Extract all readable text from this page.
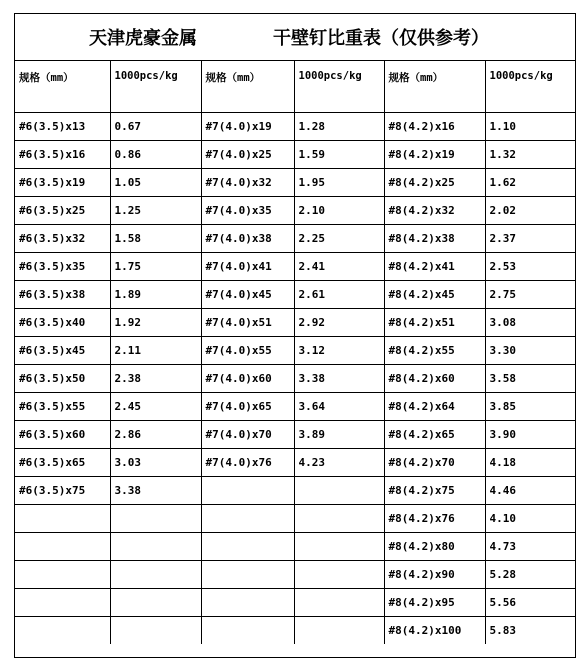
天津虎豪金属	干壁钉比重表（仅供参考）
规格（mm）	1000pcs/kg	规格（mm）	1000pcs/kg	规格（mm）	1000pcs/kg
#6(3.5)x13	0.67	#7(4.0)x19	1.28	#8(4.2)x16	1.10
#6(3.5)x16	0.86	#7(4.0)x25	1.59	#8(4.2)x19	1.32
#6(3.5)x19	1.05	#7(4.0)x32	1.95	#8(4.2)x25	1.62
#6(3.5)x25	1.25	#7(4.0)x35	2.10	#8(4.2)x32	2.02
#6(3.5)x32	1.58	#7(4.0)x38	2.25	#8(4.2)x38	2.37
#6(3.5)x35	1.75	#7(4.0)x41	2.41	#8(4.2)x41	2.53
#6(3.5)x38	1.89	#7(4.0)x45	2.61	#8(4.2)x45	2.75
#6(3.5)x40	1.92	#7(4.0)x51	2.92	#8(4.2)x51	3.08
#6(3.5)x45	2.11	#7(4.0)x55	3.12	#8(4.2)x55	3.30
#6(3.5)x50	2.38	#7(4.0)x60	3.38	#8(4.2)x60	3.58
#6(3.5)x55	2.45	#7(4.0)x65	3.64	#8(4.2)x64	3.85
#6(3.5)x60	2.86	#7(4.0)x70	3.89	#8(4.2)x65	3.90
#6(3.5)x65	3.03	#7(4.0)x76	4.23	#8(4.2)x70	4.18
#6(3.5)x75	3.38			#8(4.2)x75	4.46
				#8(4.2)x76	4.10
				#8(4.2)x80	4.73
				#8(4.2)x90	5.28
				#8(4.2)x95	5.56
				#8(4.2)x100	5.83
